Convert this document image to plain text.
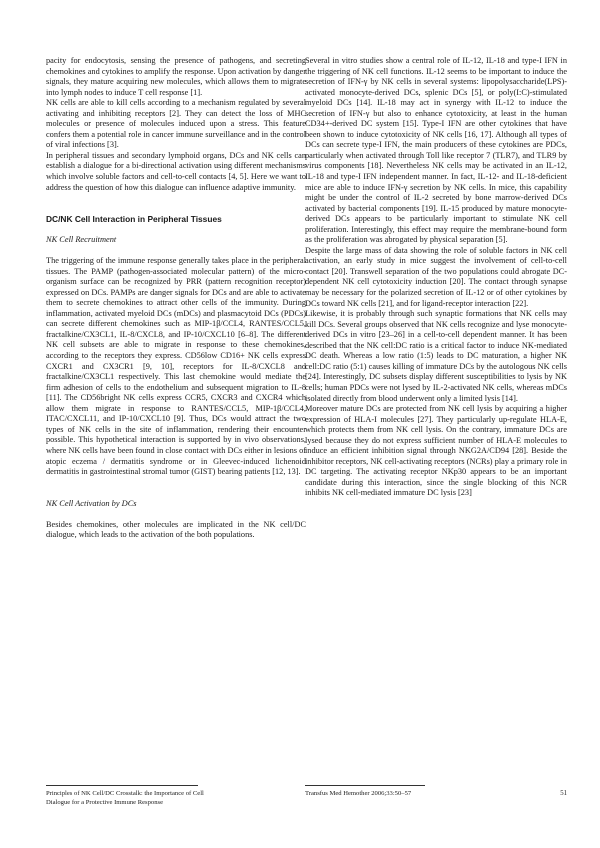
pacity for endocytosis, sensing the presence of pathogens, and secreting chemokines and cytokines to amplify the response. Upon activation by danger signals, they mature acquiring new molecules, which allows them to migrate into lymph nodes to induce T cell response [1].

NK cells are able to kill cells according to a mechanism regulated by several activating and inhibiting receptors [2]. They can detect the loss of MHC molecules or presence of molecules induced upon a stress. This feature confers them a potential role in cancer immune surveillance and in the control of viral infections [3].

In peripheral tissues and secondary lymphoid organs, DCs and NK cells can establish a dialogue for a bi-directional activation using different mechanisms which involve soluble factors and cell-to-cell contacts [4, 5]. Here we want to address the question of how this dialogue can influence adaptive immunity.

DC/NK Cell Interaction in Peripheral Tissues
NK Cell Recruitment

The triggering of the immune response generally takes place in the peripheral tissues. The PAMP (pathogen-associated molecular pattern) of the micro-organism surface can be recognized by PRR (pattern recognition receptor) expressed on DCs. PAMPs are danger signals for DCs and are able to activate them to secrete chemokines to attract other cells of the immunity. During inflammation, activated myeloid DCs (mDCs) and plasmacytoid DCs (PDCs) can secrete different chemokines such as MIP-1β/CCL4, RANTES/CCL5, fractalkine/CX3CL1, IL-8/CXCL8, and IP-10/CXCL10 [6–8]. The different NK cell subsets are able to migrate in response to these chemokines, according to the receptors they express. CD56low CD16+ NK cells express CXCR1 and CX3CR1 [9, 10], receptors for IL-8/CXCL8 and fractalkine/CX3CL1 respectively. This last chemokine would mediate the firm adhesion of cells to the endothelium and subsequent migration to IL-8 [11]. The CD56bright NK cells express CCR5, CXCR3 and CXCR4 which allow them migrate in response to RANTES/CCL5, MIP-1β/CCL4, ITAC/CXCL11, and IP-10/CXCL10 [9]. Thus, DCs would attract the two types of NK cells in the site of inflammation, rendering their encounter possible. This hypothetical interaction is supported by in vivo observations, where NK cells have been found in close contact with DCs either in lesions of atopic eczema / dermatitis syndrome or in Gleevec-induced lichenoid dermatitis in gastrointestinal stromal tumor (GIST) bearing patients [12, 13].

NK Cell Activation by DCs

Besides chemokines, other molecules are implicated in the NK cell/DC dialogue, which leads to the activation of the both populations.

Several in vitro studies show a central role of IL-12, IL-18 and type-I IFN in the triggering of NK cell functions. IL-12 seems to be important to induce the secretion of IFN-γ by NK cells in several systems: lipopolysaccharide(LPS)-activated monocyte-derived DCs, splenic DCs [5], or poly(I:C)-stimulated myeloid DCs [14]. IL-18 may act in synergy with IL-12 to induce the secretion of IFN-γ but also to enhance cytotoxicity, at least in the human CD34+-derived DC system [15]. Type-I IFN are other cytokines that have been shown to induce cytotoxicity of NK cells [16, 17]. Although all types of DCs can secrete type-I IFN, the main producers of these cytokines are PDCs, particularly when activated through Toll like receptor 7 (TLR7), and TLR9 by virus components [18]. Nevertheless NK cells may be activated in an IL-12, IL-18 and type-I IFN independent manner. In fact, IL-12- and IL-18-deficient mice are able to induce IFN-γ secretion by NK cells. In mice, this capability might be under the control of IL-2 secreted by bone marrow-derived DCs activated by bacterial components [19]. IL-15 produced by mature monocyte-derived DCs appears to be particularly important to stimulate NK cell proliferation. Interestingly, this effect may require the membrane-bound form as the proliferation was abrogated by physical separation [5].

Despite the large mass of data showing the role of soluble factors in NK cell activation, an early study in mice suggest the involvement of cell-to-cell contact [20]. Transwell separation of the two populations could abrogate DC-dependent NK cell cytotoxicity induction [20]. The contact through synapse may be necessary for the polarized secretion of IL-12 or of other cytokines by DCs toward NK cells [21], and for ligand-receptor interaction [22].

Likewise, it is probably through such synaptic formations that NK cells may kill DCs. Several groups observed that NK cells recognize and lyse monocyte-derived DCs in vitro [23–26] in a cell-to-cell dependent manner. It has been described that the NK cell:DC ratio is a critical factor to induce NK-mediated DC death. Whereas a low ratio (1:5) leads to DC maturation, a higher NK cell:DC ratio (5:1) causes killing of immature DCs by the autologous NK cells [24]. Interestingly, DC subsets display different susceptibilities to lysis by NK cells; human PDCs were not lysed by IL-2-activated NK cells, whereas mDCs isolated directly from blood underwent only a limited lysis [14].

Moreover mature DCs are protected from NK cell lysis by acquiring a higher expression of HLA-I molecules [27]. They particularly up-regulate HLA-E, which protects them from NK cell lysis. On the contrary, immature DCs are lysed because they do not express sufficient number of HLA-E molecules to induce an efficient inhibition signal through NKG2A/CD94 [28]. Beside the inhibitor receptors, NK cell-activating receptors (NCRs) play a primary role in DC targeting. The activating receptor NKp30 appears to be an important candidate during this interaction, since the single blocking of this NCR inhibits NK cell-mediated immature DC lysis [23]

Principles of NK Cell/DC Crosstalk: the Importance of Cell Dialogue for a Protective Immune Response
Transfus Med Hemother 2006;33:50–57	51
